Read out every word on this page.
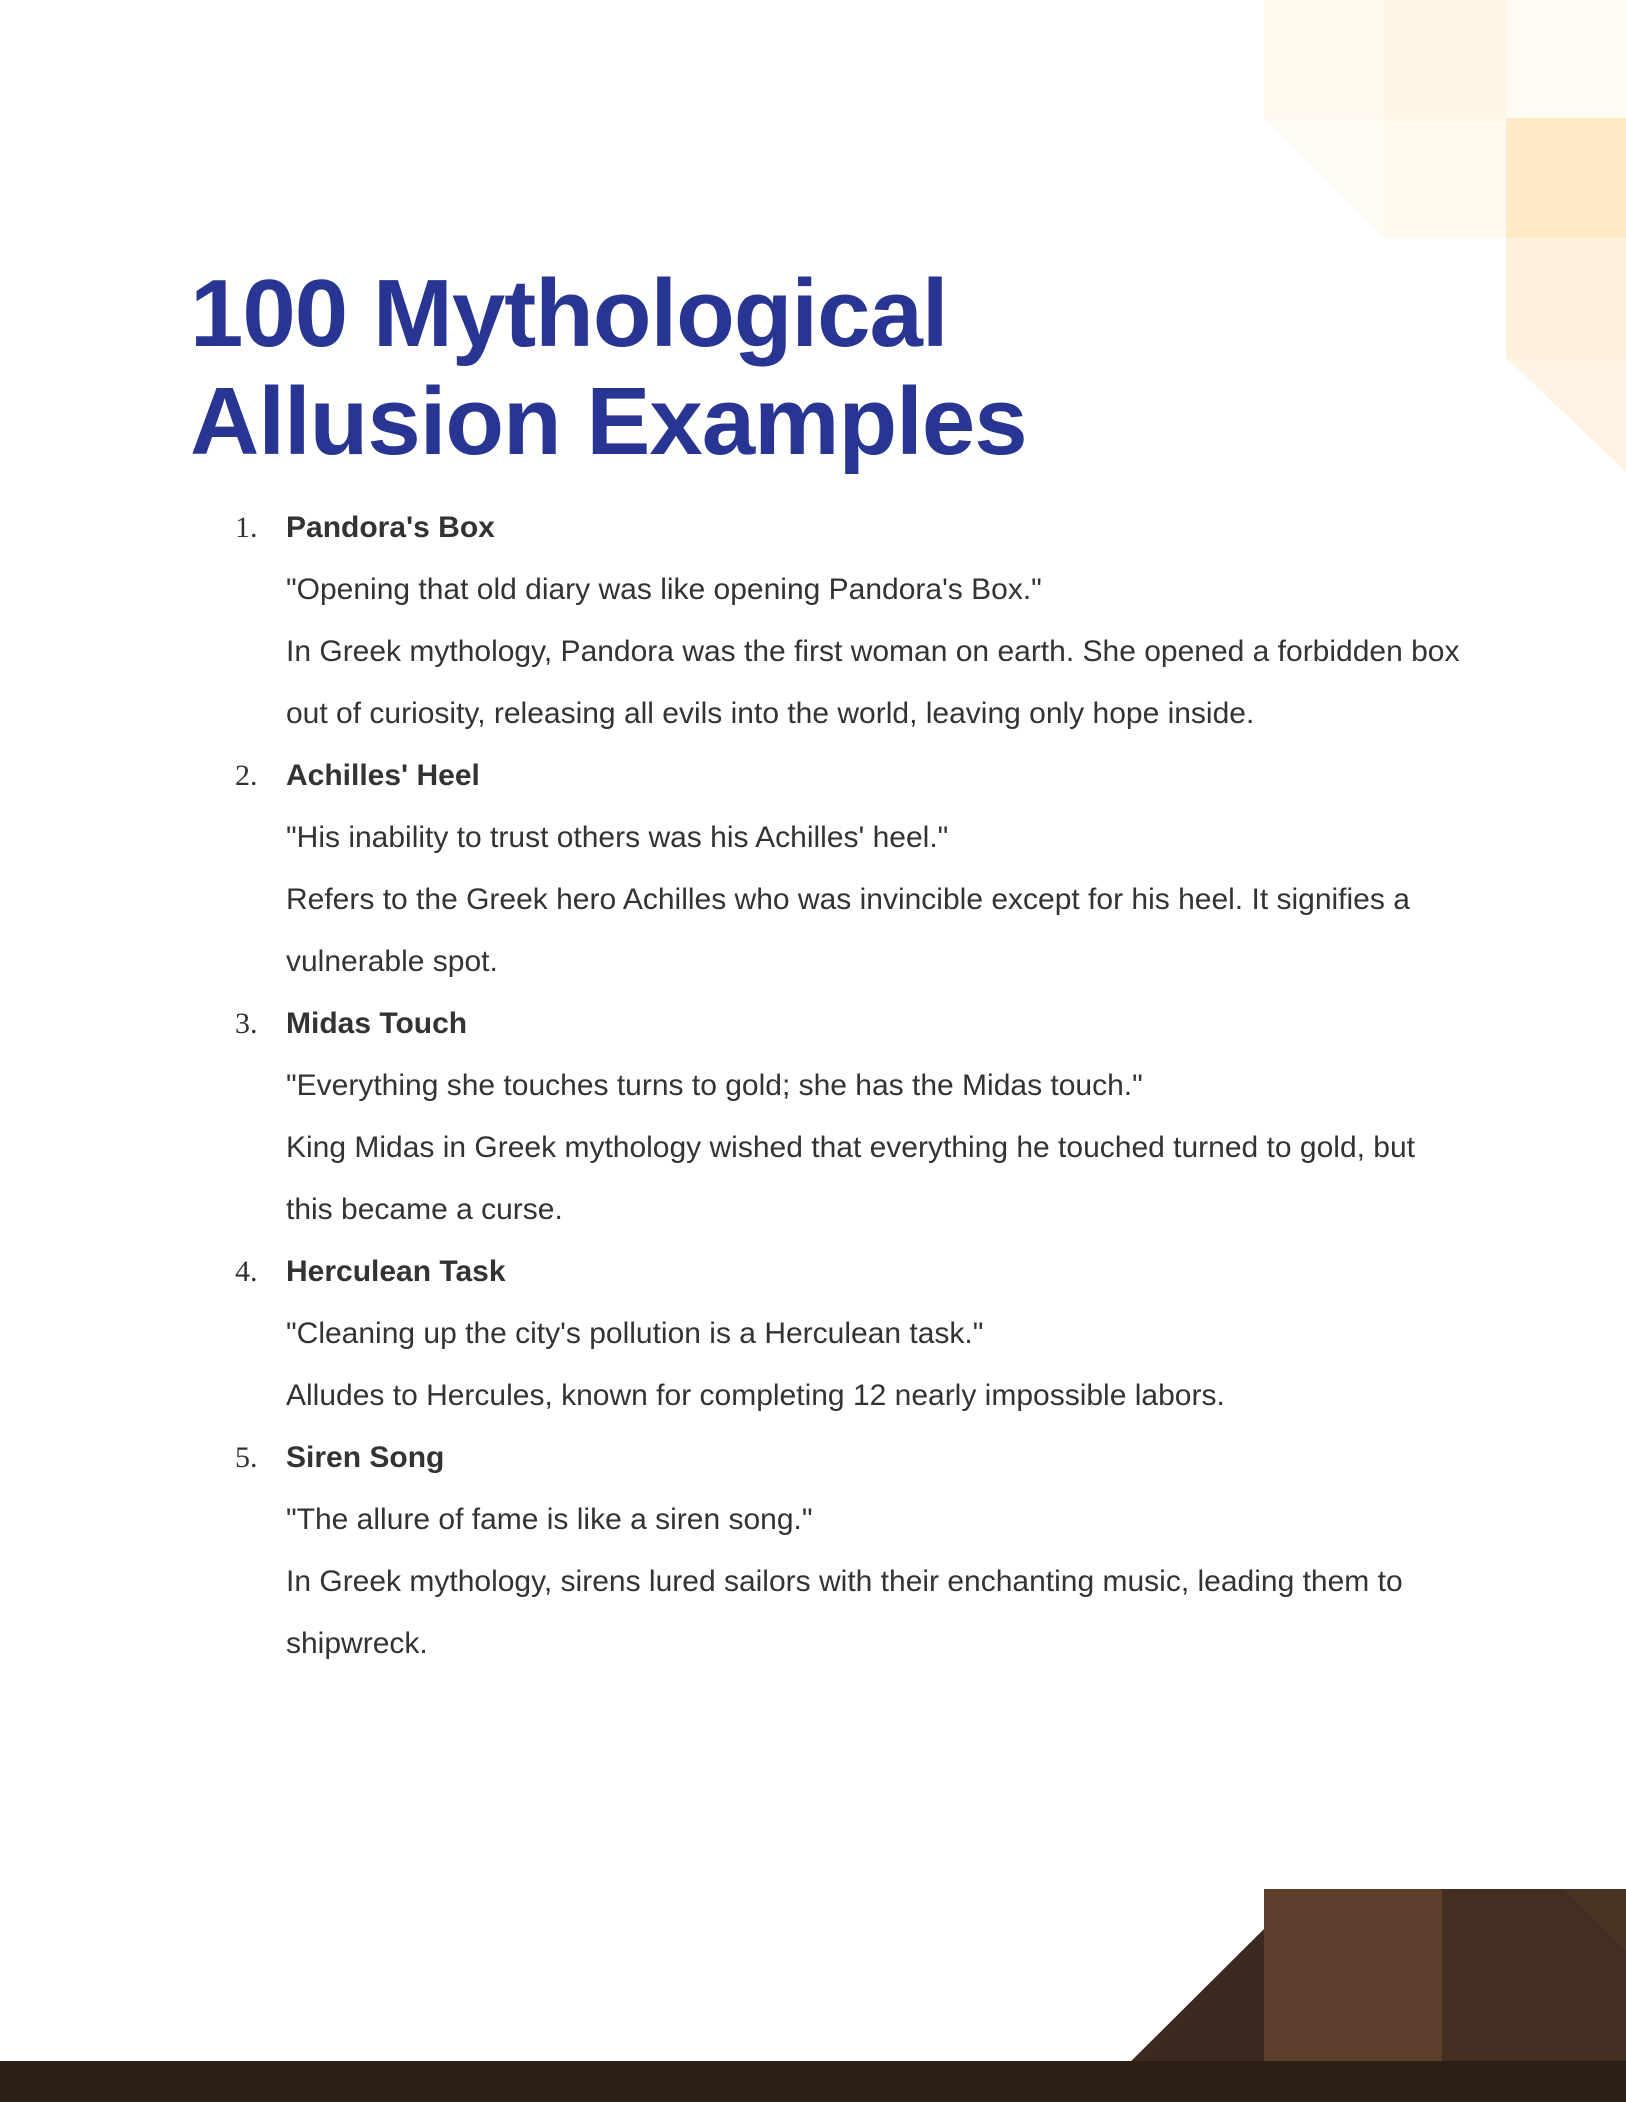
100 Mythological
Allusion Examples
1. Pandora's Box
"Opening that old diary was like opening Pandora's Box."
In Greek mythology, Pandora was the first woman on earth. She opened a forbidden box out of curiosity, releasing all evils into the world, leaving only hope inside.
2. Achilles' Heel
"His inability to trust others was his Achilles' heel."
Refers to the Greek hero Achilles who was invincible except for his heel. It signifies a vulnerable spot.
3. Midas Touch
"Everything she touches turns to gold; she has the Midas touch."
King Midas in Greek mythology wished that everything he touched turned to gold, but this became a curse.
4. Herculean Task
"Cleaning up the city's pollution is a Herculean task."
Alludes to Hercules, known for completing 12 nearly impossible labors.
5. Siren Song
"The allure of fame is like a siren song."
In Greek mythology, sirens lured sailors with their enchanting music, leading them to shipwreck.
